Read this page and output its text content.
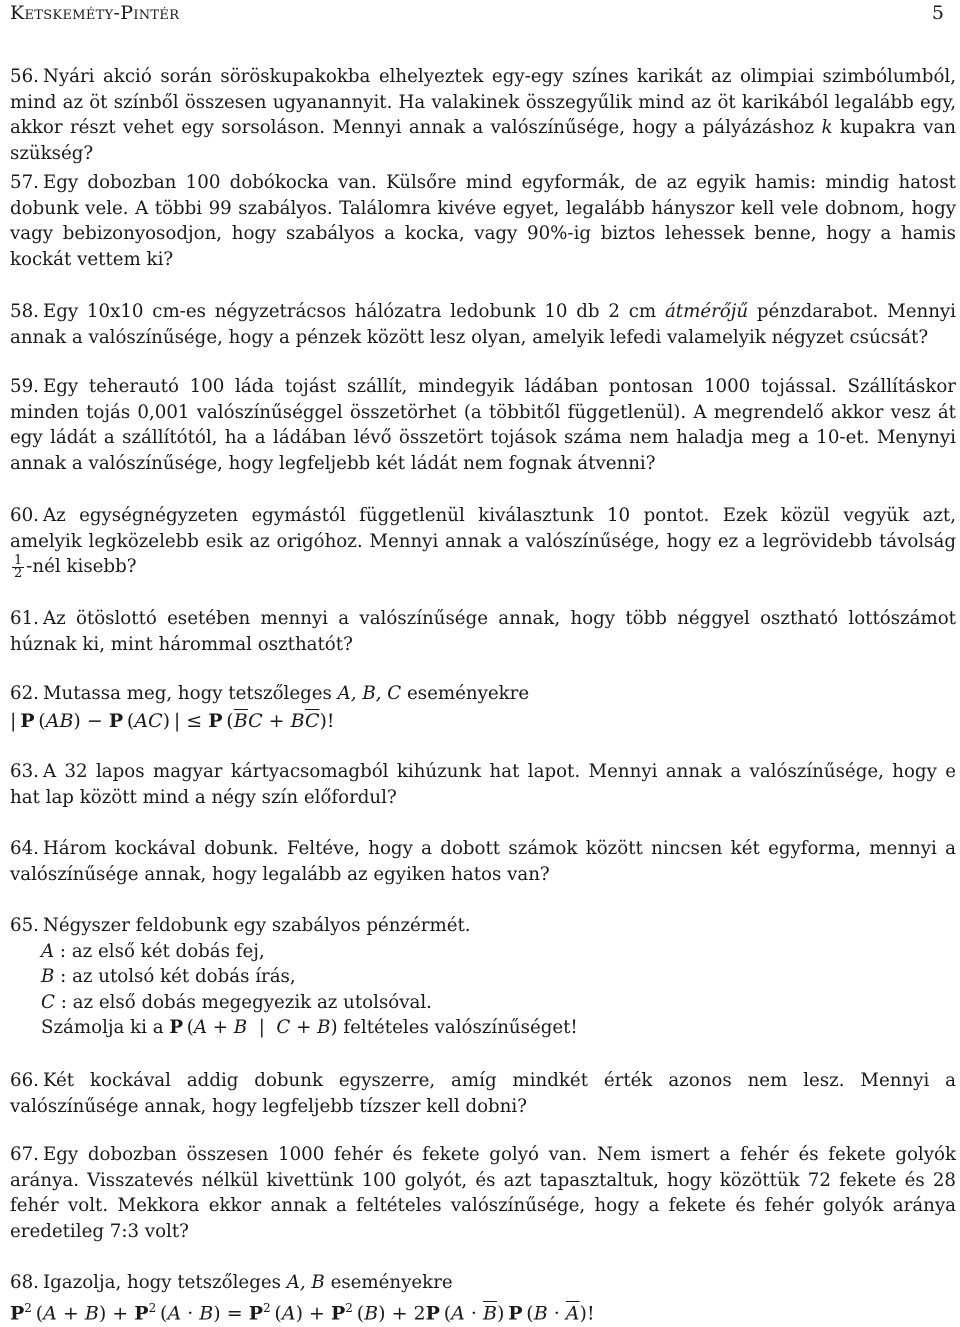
Ketskeméty-Pintér	5

56. Nyári akció során söröskupakokba elhelyeztek egy-egy színes karikát az olimpiai szimbólumból, mind az öt színből összesen ugyanannyit. Ha valakinek összegyűlik mind az öt karikából legalább egy, akkor részt vehet egy sorsoláson. Mennyi annak a valószínűsége, hogy a pályázáshoz k kupakra van szükség?

57. Egy dobozban 100 dobókocka van. Külsőre mind egyformák, de az egyik hamis: mindig hatost dobunk vele. A többi 99 szabályos. Találomra kivéve egyet, legalább hányszor kell vele dobnom, hogy vagy bebizonyosodjon, hogy szabályos a kocka, vagy 90%-ig biztos lehessek benne, hogy a hamis kockát vettem ki?

58. Egy 10x10 cm-es négyzetrácsos hálózatra ledobunk 10 db 2 cm átmérőjű pénzdarabot. Mennyi annak a valószínűsége, hogy a pénzek között lesz olyan, amelyik lefedi valamelyik négyzet csúcsát?

59. Egy teherautó 100 láda tojást szállít, mindegyik ládában pontosan 1000 tojással. Szállításkor minden tojás 0,001 valószínűséggel összetörhet (a többitől függetlenül). A megrendelő akkor vesz át egy ládát a szállítótól, ha a ládában lévő összetört tojások száma nem haladja meg a 10-et. Menynyi annak a valószínűsége, hogy legfeljebb két ládát nem fognak átvenni?

60. Az egységnégyzeten egymástól függetlenül kiválasztunk 10 pontot. Ezek közül vegyük azt, amelyik legközelebb esik az origóhoz. Mennyi annak a valószínűsége, hogy ez a legrövidebb távolság
$\frac{1}{2}$ -nél kisebb?

61. Az ötöslottó esetében mennyi a valószínűsége annak, hogy több néggyel osztható lottószámot húznak ki, mint hárommal oszthatót?

62. Mutassa meg, hogy tetszőleges A, B, C eseményekre

| P (AB) − P (AC) | ≤ P $(\overline{B}C + B\overline{C})$!

63. A 32 lapos magyar kártyacsomagból kihúzunk hat lapot. Mennyi annak a valószínűsége, hogy e hat lap között mind a négy szín előfordul?

64. Három kockával dobunk. Feltéve, hogy a dobott számok között nincsen két egyforma, mennyi a valószínűsége annak, hogy legalább az egyiken hatos van?

65. Négyszer feldobunk egy szabályos pénzérmét.

A : az első két dobás fej,

B : az utolsó két dobás írás,

C : az első dobás megegyezik az utolsóval.

Számolja ki a P (A + B  |  C + B) feltételes valószínűséget!

66. Két kockával addig dobunk egyszerre, amíg mindkét érték azonos nem lesz. Mennyi a valószínűsége annak, hogy legfeljebb tízszer kell dobni?

67. Egy dobozban összesen 1000 fehér és fekete golyó van. Nem ismert a fehér és fekete golyók aránya. Visszatevés nélkül kivettünk 100 golyót, és azt tapasztaltuk, hogy közöttük 72 fekete és 28 fehér volt. Mekkora ekkor annak a feltételes valószínűsége, hogy a fekete és fehér golyók aránya eredetileg 7:3 volt?

68. Igazolja, hogy tetszőleges A, B eseményekre

$P^2$ $(A + B) + P^2$ $(A \cdot B) = P^2$ $(A) + P^2$ (B) + 2P $(A \cdot \overline{B})$ P $(B \cdot \overline{A})$!
